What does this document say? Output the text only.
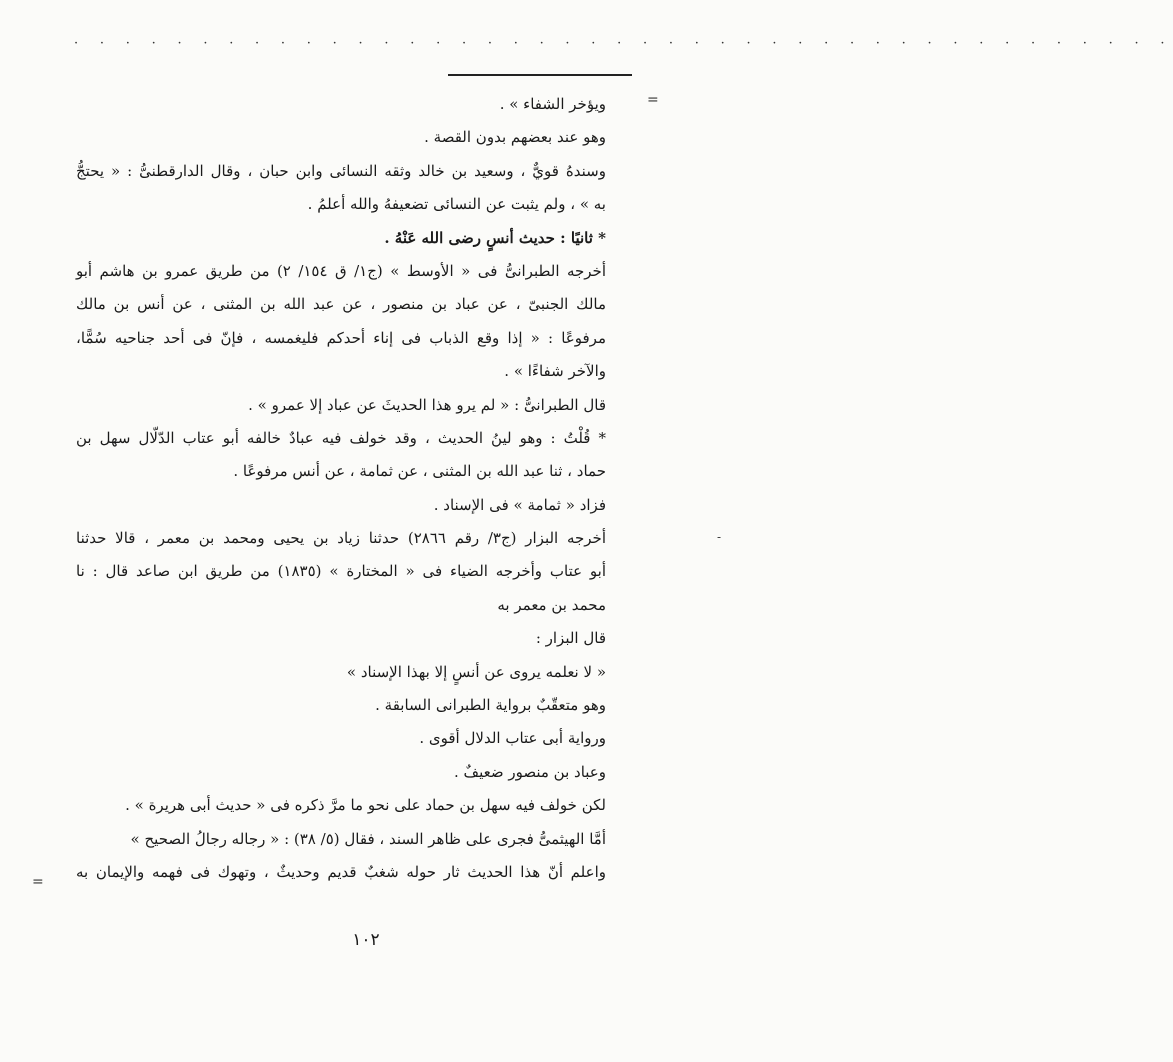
· · · · · · · · · · · · · · · · · · · · · · · · · · · · · · · · · · · · · · · · · · ·
=
-
=
ويؤخر الشفاء » .
وهو عند بعضهم بدون القصة .
وسندهُ قويٌّ ، وسعيد بن خالد وثقه النسائى وابن حبان ، وقال الدارقطنىُّ : « يحتجُّ
به » ، ولم يثبت عن النسائى تضعيفهُ والله أعلمُ .
* ثانيًا : حديث أنسٍ رضى الله عَنْهُ .
أخرجه الطبرانىُّ فى « الأوسط » (ج١/ ق ١٥٤/ ٢) من طريق عمرو بن هاشم أبو
مالك الجنبىّ ، عن عباد بن منصور ، عن عبد الله بن المثنى ، عن أنس بن مالك
مرفوعًا : « إذا وقع الذباب فى إناء أحدكم فليغمسه ، فإنّ فى أحد جناحيه سُمًّا،
والآخر شفاءًا » .
قال الطبرانىُّ : « لم يرو هذا الحديثَ عن عباد إلا عمرو » .
* قُلْتُ : وهو لينُ الحديث ، وقد خولف فيه عبادٌ خالفه أبو عتاب الدّلّال سهل بن
حماد ، ثنا عبد الله بن المثنى ، عن ثمامة ، عن أنس مرفوعًا .
فزاد « ثمامة » فى الإسناد .
أخرجه البزار (ج٣/ رقم ٢٨٦٦) حدثنا زياد بن يحيى ومحمد بن معمر ، قالا حدثنا
أبو عتاب وأخرجه الضياء فى « المختارة » (١٨٣٥) من طريق ابن صاعد قال : نا
محمد بن معمر به
قال البزار :
« لا نعلمه يروى عن أنسٍ إلا بهذا الإسناد »
وهو متعقّبٌ برواية الطبرانى السابقة .
ورواية أبى عتاب الدلال أقوى .
وعباد بن منصور ضعيفٌ .
لكن خولف فيه سهل بن حماد على نحو ما مرَّ ذكره فى « حديث أبى هريرة » .
أمَّا الهيثمىُّ فجرى على ظاهر السند ، فقال (٥/ ٣٨) : « رجاله رجالُ الصحيح »
واعلم أنّ هذا الحديث ثار حوله شغبٌ قديم وحديثٌ ، وتهوك فى فهمه والإيمان به
١٠٢
